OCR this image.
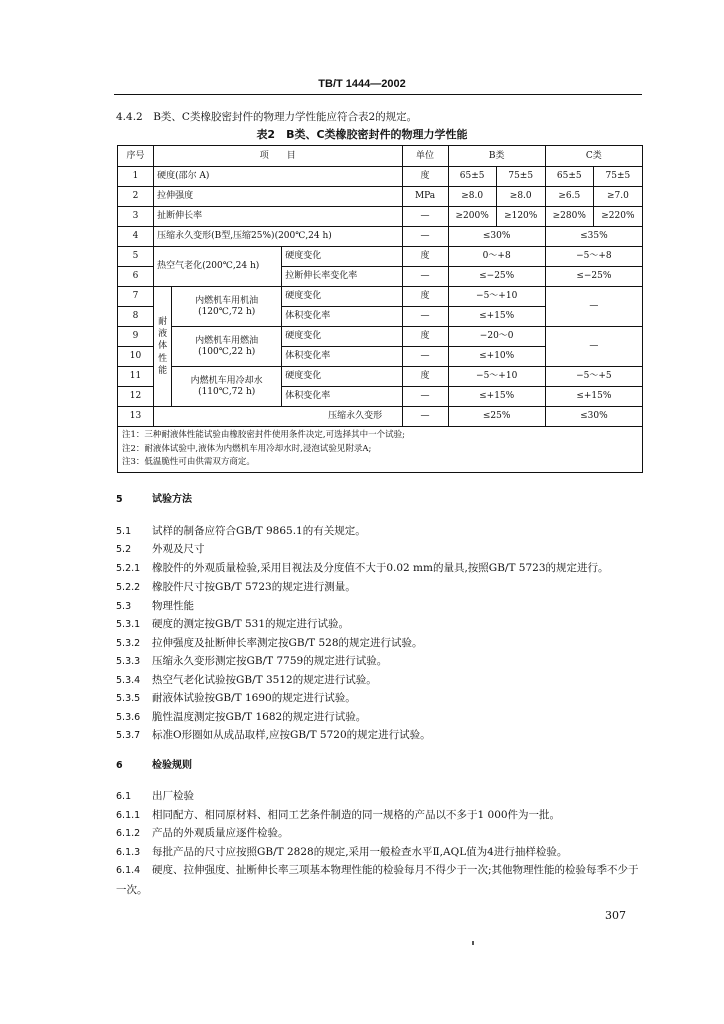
TB/T 1444—2002
4.4.2　B类、C类橡胶密封件的物理力学性能应符合表2的规定。
表2　B类、C类橡胶密封件的物理力学性能
序号	项　　目			单位	B类		C类	
1	硬度(邵尔 A)			度	65±5	75±5	65±5	75±5
2	拉伸强度			MPa	≥8.0	≥8.0	≥6.5	≥7.0
3	扯断伸长率			—	≥200%	≥120%	≥280%	≥220%
4	压缩永久变形(B型,压缩25%)(200℃,24 h)			—	≤30%		≤35%	
5	热空气老化(200℃,24 h)		硬度变化	度	0～+8		−5～+8	
6			拉断伸长率变化率	—	≤−25%		≤−25%	
7	耐液体性能	内燃机车用机油
(120℃,72 h)	硬度变化	度	−5～+10		—	
8			体积变化率	—	≤+15%			
9		内燃机车用燃油
(100℃,22 h)	硬度变化	度	−20～0		—	
10			体积变化率	—	≤+10%			
11		内燃机车用冷却水
(110℃,72 h)	硬度变化	度	−5～+10		−5～+5	
12			体积变化率	—	≤+15%		≤+15%	
13	压缩永久变形			—	≤25%		≤30%	

注1：三种耐液体性能试验由橡胶密封件使用条件决定,可选择其中一个试验;
注2：耐液体试验中,液体为内燃机车用冷却水时,浸泡试验见附录A;
注3：低温脆性可由供需双方商定。								
5	试验方法
5.1 试样的制备应符合GB/T 9865.1的有关规定。
5.2 外观及尺寸
5.2.1 橡胶件的外观质量检验,采用目视法及分度值不大于0.02 mm的量具,按照GB/T 5723的规定进行。
5.2.2 橡胶件尺寸按GB/T 5723的规定进行测量。
5.3 物理性能
5.3.1 硬度的测定按GB/T 531的规定进行试验。
5.3.2 拉伸强度及扯断伸长率测定按GB/T 528的规定进行试验。
5.3.3 压缩永久变形测定按GB/T 7759的规定进行试验。
5.3.4 热空气老化试验按GB/T 3512的规定进行试验。
5.3.5 耐液体试验按GB/T 1690的规定进行试验。
5.3.6 脆性温度测定按GB/T 1682的规定进行试验。
5.3.7 标准O形圈如从成品取样,应按GB/T 5720的规定进行试验。
6	检验规则
6.1 出厂检验
6.1.1 相同配方、相同原材料、相同工艺条件制造的同一规格的产品以不多于1 000件为一批。
6.1.2 产品的外观质量应逐件检验。
6.1.3 每批产品的尺寸应按照GB/T 2828的规定,采用一般检查水平Ⅱ,AQL值为4进行抽样检验。
6.1.4 硬度、拉伸强度、扯断伸长率三项基本物理性能的检验每月不得少于一次;其他物理性能的检验每季不少于一次。
307
